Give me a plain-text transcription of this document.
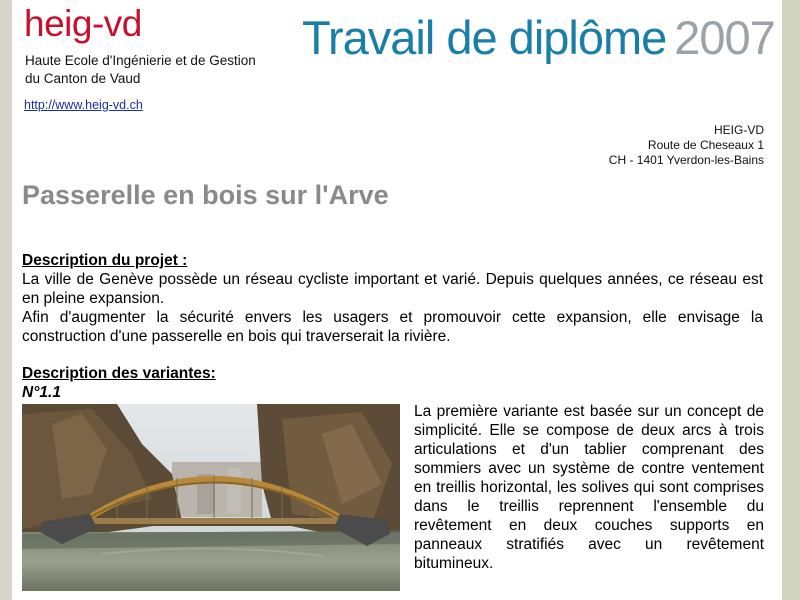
heig-vd
Haute Ecole d'Ingénierie et de Gestion
du Canton de Vaud
http://www.heig-vd.ch
Travail de diplôme 2007
HEIG-VD
Route de Cheseaux 1
CH - 1401 Yverdon-les-Bains
Passerelle en bois sur l'Arve
Description du projet :

La ville de Genève possède un réseau cycliste important et varié. Depuis quelques années, ce réseau est en pleine expansion.

Afin d'augmenter la sécurité envers les usagers et promouvoir cette expansion, elle envisage la construction d'une passerelle en bois qui traverserait la rivière.

Description des variantes:
N°1.1
La première variante est basée sur un concept de simplicité. Elle se compose de deux arcs à trois articulations et d'un tablier comprenant des sommiers avec un système de contre ventement en treillis horizontal, les solives qui sont comprises dans le treillis reprennent l'ensemble du revêtement en deux couches supports en panneaux stratifiés avec un revêtement bitumineux.
